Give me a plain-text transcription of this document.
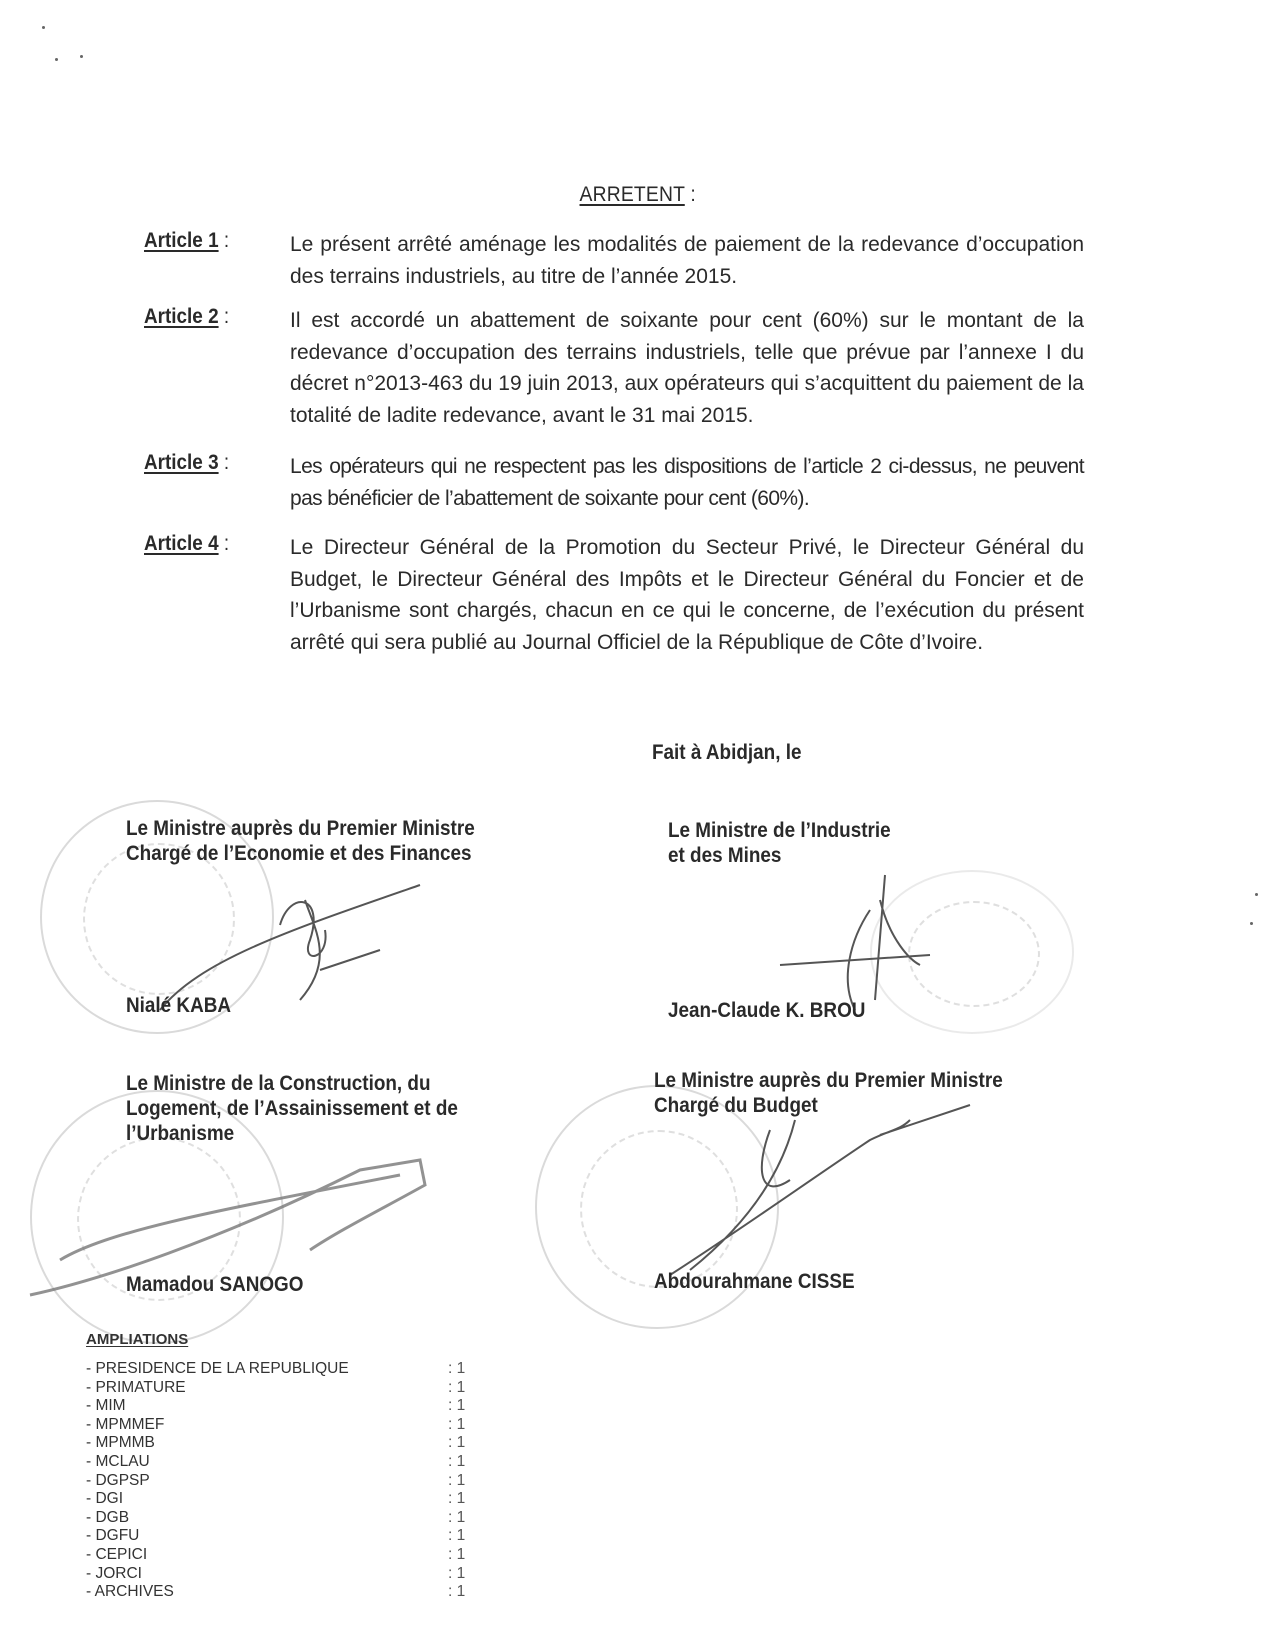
ARRETENT :
Article 1 :	Le présent arrêté aménage les modalités de paiement de la redevance d’occupation des terrains industriels, au titre de l’année 2015.
Article 2 :	Il est accordé un abattement de soixante pour cent (60%) sur le montant de la redevance d’occupation des terrains industriels, telle que prévue par l’annexe I du décret n°2013-463 du 19 juin 2013, aux opérateurs qui s’acquittent du paiement de la totalité de ladite redevance, avant le 31 mai 2015.
Article 3 :	Les opérateurs qui ne respectent pas les dispositions de l’article 2 ci-dessus, ne peuvent pas bénéficier de l’abattement de soixante pour cent (60%).
Article 4 :	Le Directeur Général de la Promotion du Secteur Privé, le Directeur Général du Budget, le Directeur Général des Impôts et le Directeur Général du Foncier et de l’Urbanisme sont chargés, chacun en ce qui le concerne, de l’exécution du présent arrêté qui sera publié au Journal Officiel de la République de Côte d’Ivoire.
Fait à Abidjan, le
Le Ministre auprès du Premier Ministre
Chargé de l’Economie et des Finances
Nialé KABA
Le Ministre de l’Industrie
et des Mines
Jean-Claude K. BROU
Le Ministre de la Construction, du
Logement, de l’Assainissement et de
l’Urbanisme
Mamadou SANOGO
Le Ministre auprès du Premier Ministre
Chargé du Budget
Abdourahmane CISSE
AMPLIATIONS
- PRESIDENCE DE LA REPUBLIQUE	: 1
- PRIMATURE	: 1
- MIM	: 1
- MPMMEF	: 1
- MPMMB	: 1
- MCLAU	: 1
- DGPSP	: 1
- DGI	: 1
- DGB	: 1
- DGFU	: 1
- CEPICI	: 1
- JORCI	: 1
- ARCHIVES	: 1
